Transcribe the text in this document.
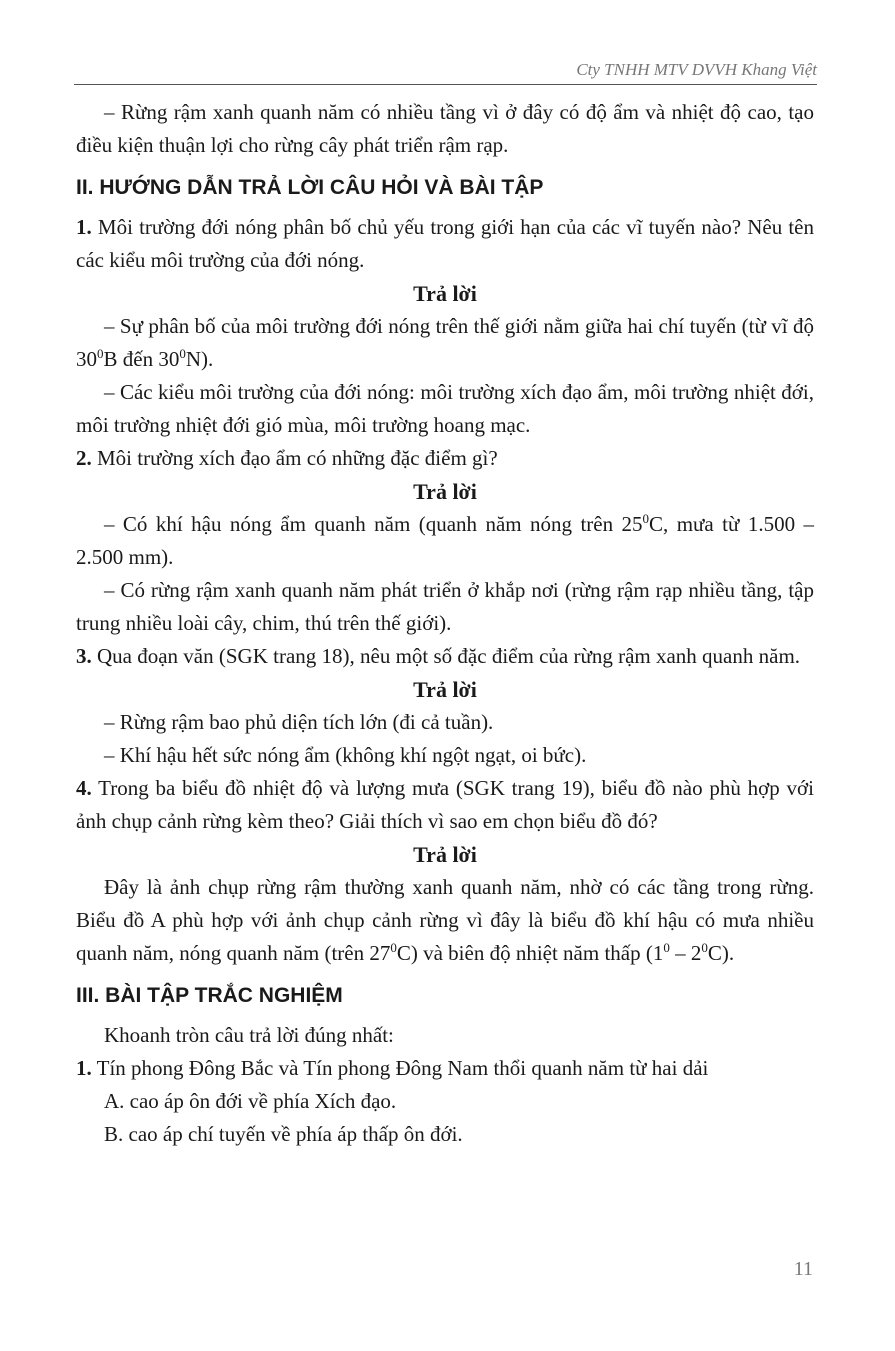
Cty TNHH MTV DVVH Khang Việt

– Rừng rậm xanh quanh năm có nhiều tầng vì ở đây có độ ẩm và nhiệt độ cao, tạo điều kiện thuận lợi cho rừng cây phát triển rậm rạp.

II. HƯỚNG DẪN TRẢ LỜI CÂU HỎI VÀ BÀI TẬP

1. Môi trường đới nóng phân bố chủ yếu trong giới hạn của các vĩ tuyến nào? Nêu tên các kiểu môi trường của đới nóng.

Trả lời

– Sự phân bố của môi trường đới nóng trên thế giới nằm giữa hai chí tuyến (từ vĩ độ $30^0B$ đến $30^0N$).

– Các kiểu môi trường của đới nóng: môi trường xích đạo ẩm, môi trường nhiệt đới, môi trường nhiệt đới gió mùa, môi trường hoang mạc.

2. Môi trường xích đạo ẩm có những đặc điểm gì?

Trả lời

– Có khí hậu nóng ẩm quanh năm (quanh năm nóng trên $25^0C$, mưa từ 1.500 – 2.500 mm).

– Có rừng rậm xanh quanh năm phát triển ở khắp nơi (rừng rậm rạp nhiều tầng, tập trung nhiều loài cây, chim, thú trên thế giới).

3. Qua đoạn văn (SGK trang 18), nêu một số đặc điểm của rừng rậm xanh quanh năm.

Trả lời

– Rừng rậm bao phủ diện tích lớn (đi cả tuần).

– Khí hậu hết sức nóng ẩm (không khí ngột ngạt, oi bức).

4. Trong ba biểu đồ nhiệt độ và lượng mưa (SGK trang 19), biểu đồ nào phù hợp với ảnh chụp cảnh rừng kèm theo? Giải thích vì sao em chọn biểu đồ đó?

Trả lời

Đây là ảnh chụp rừng rậm thường xanh quanh năm, nhờ có các tầng trong rừng. Biểu đồ A phù hợp với ảnh chụp cảnh rừng vì đây là biểu đồ khí hậu có mưa nhiều quanh năm, nóng quanh năm (trên $27^0C$) và biên độ nhiệt năm thấp $(1^0 - 2^0C)$.

III. BÀI TẬP TRẮC NGHIỆM

Khoanh tròn câu trả lời đúng nhất:

1. Tín phong Đông Bắc và Tín phong Đông Nam thổi quanh năm từ hai dải

A. cao áp ôn đới về phía Xích đạo.

B. cao áp chí tuyến về phía áp thấp ôn đới.

11
